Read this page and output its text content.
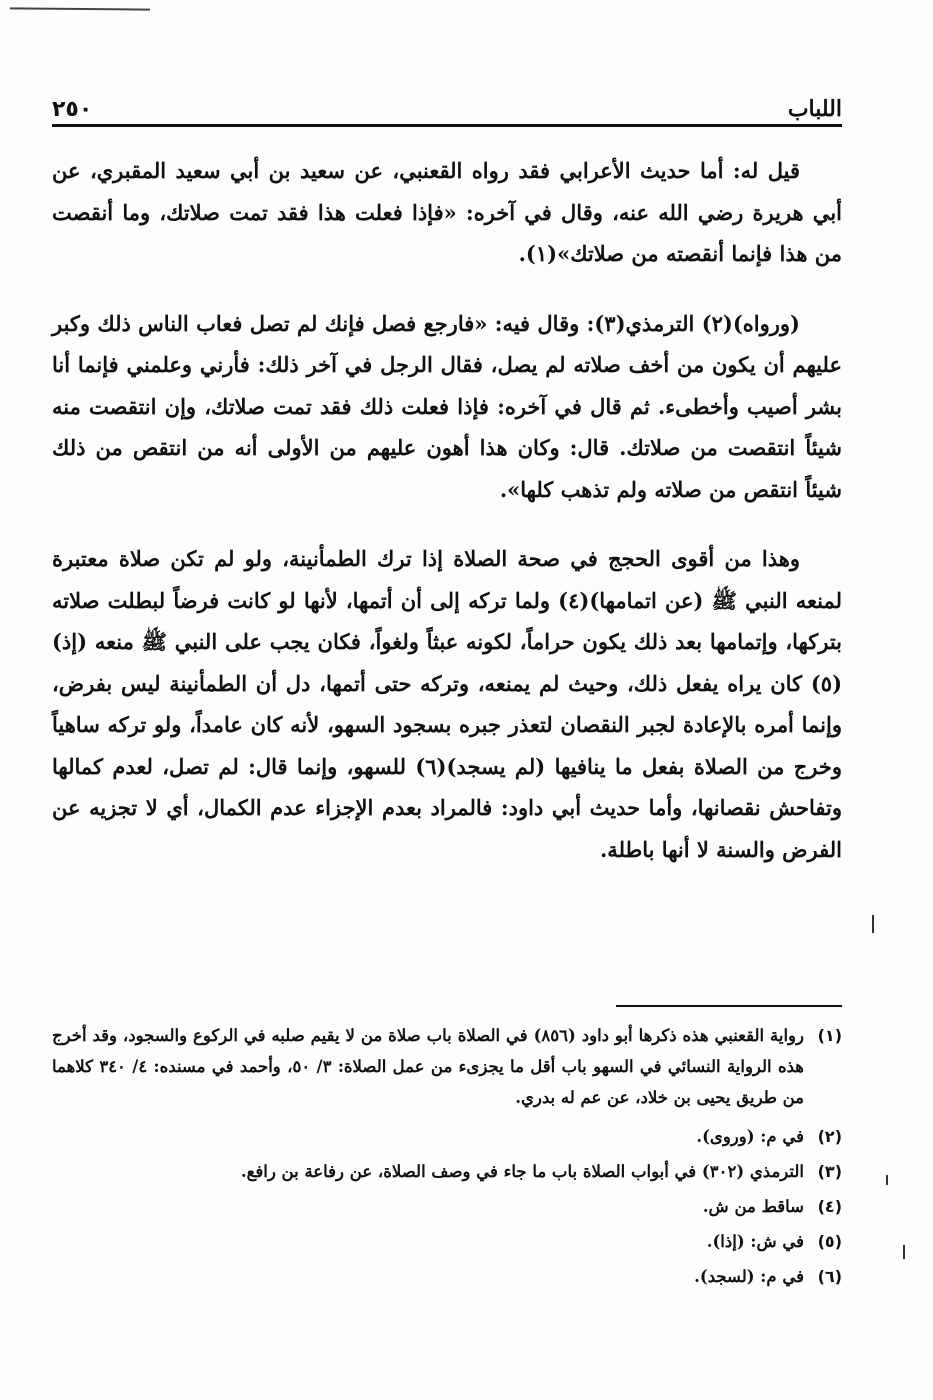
اللباب
٢٥٠

قيل له: أما حديث الأعرابي فقد رواه القعنبي، عن سعيد بن أبي سعيد المقبري، عن أبي هريرة رضي الله عنه، وقال في آخره: «فإذا فعلت هذا فقد تمت صلاتك، وما أنقصت من هذا فإنما أنقصته من صلاتك»(١).

(ورواه)(٢) الترمذي(٣): وقال فيه: «فارجع فصل فإنك لم تصل فعاب الناس ذلك وكبر عليهم أن يكون من أخف صلاته لم يصل، فقال الرجل في آخر ذلك: فأرني وعلمني فإنما أنا بشر أصيب وأخطىء. ثم قال في آخره: فإذا فعلت ذلك فقد تمت صلاتك، وإن انتقصت منه شيئاً انتقصت من صلاتك. قال: وكان هذا أهون عليهم من الأولى أنه من انتقص من ذلك شيئاً انتقص من صلاته ولم تذهب كلها».

وهذا من أقوى الحجج في صحة الصلاة إذا ترك الطمأنينة، ولو لم تكن صلاة معتبرة لمنعه النبي ﷺ (عن اتمامها)(٤) ولما تركه إلى أن أتمها، لأنها لو كانت فرضاً لبطلت صلاته بتركها، وإتمامها بعد ذلك يكون حراماً، لكونه عبثاً ولغواً، فكان يجب على النبي ﷺ منعه (إذ)(٥) كان يراه يفعل ذلك، وحيث لم يمنعه، وتركه حتى أتمها، دل أن الطمأنينة ليس بفرض، وإنما أمره بالإعادة لجبر النقصان لتعذر جبره بسجود السهو، لأنه كان عامداً، ولو تركه ساهياً وخرج من الصلاة بفعل ما ينافيها (لم يسجد)(٦) للسهو، وإنما قال: لم تصل، لعدم كمالها وتفاحش نقصانها، وأما حديث أبي داود: فالمراد بعدم الإجزاء عدم الكمال، أي لا تجزيه عن الفرض والسنة لا أنها باطلة.

(١)
رواية القعنبي هذه ذكرها أبو داود (٨٥٦) في الصلاة باب صلاة من لا يقيم صلبه في الركوع والسجود، وقد أخرج هذه الرواية النسائي في السهو باب أقل ما يجزىء من عمل الصلاة: ٣/ ٥٠، وأحمد في مسنده: ٤/ ٣٤٠ كلاهما من طريق يحيى بن خلاد، عن عم له بدري.
(٢)
في م: (وروى).
(٣)
الترمذي (٣٠٢) في أبواب الصلاة باب ما جاء في وصف الصلاة، عن رفاعة بن رافع.
(٤)
ساقط من ش.
(٥)
في ش: (إذا).
(٦)
في م: (لسجد).
